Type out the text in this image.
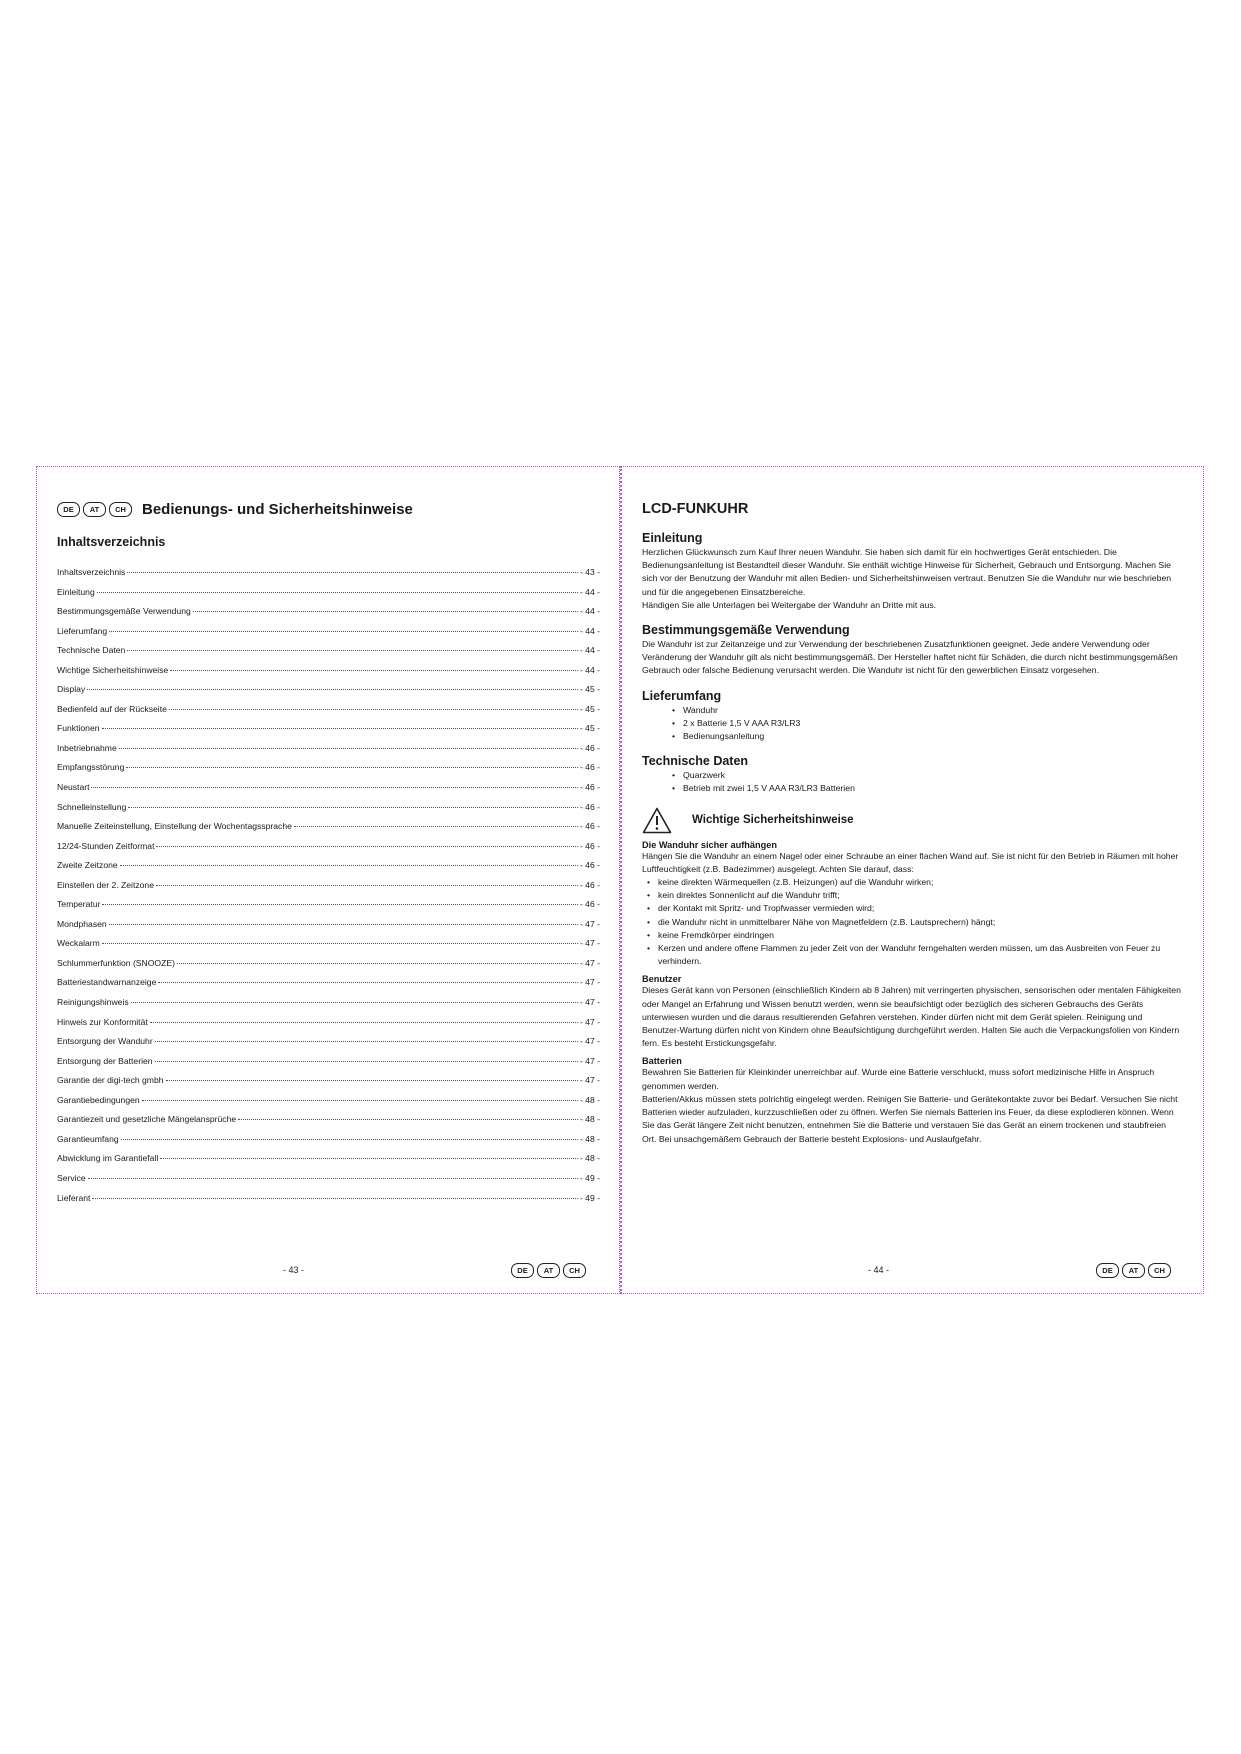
DE	AT	CH	Bedienungs- und Sicherheitshinweise
Inhaltsverzeichnis
Inhaltsverzeichnis	- 43 -
Einleitung	- 44 -
Bestimmungsgemäße Verwendung	- 44 -
Lieferumfang	- 44 -
Technische Daten	- 44 -
Wichtige Sicherheitshinweise	- 44 -
Display	- 45 -
Bedienfeld auf der Rückseite	- 45 -
Funktionen	- 45 -
Inbetriebnahme	- 46 -
Empfangsstörung	- 46 -
Neustart	- 46 -
Schnelleinstellung	- 46 -
Manuelle Zeiteinstellung, Einstellung der Wochentagssprache	- 46 -
12/24-Stunden Zeitformat	- 46 -
Zweite Zeitzone	- 46 -
Einstellen der 2. Zeitzone	- 46 -
Temperatur	- 46 -
Mondphasen	- 47 -
Weckalarm	- 47 -
Schlummerfunktion (SNOOZE)	- 47 -
Batteriestandwarnanzeige	- 47 -
Reinigungshinweis	- 47 -
Hinweis zur Konformität	- 47 -
Entsorgung der Wanduhr	- 47 -
Entsorgung der Batterien	- 47 -
Garantie der digi-tech gmbh	- 47 -
Garantiebedingungen	- 48 -
Garantiezeit und gesetzliche Mängelansprüche	- 48 -
Garantieumfang	- 48 -
Abwicklung im Garantiefall	- 48 -
Service	- 49 -
Lieferant	- 49 -
- 43 -	DE	AT	CH
LCD-FUNKUHR
Einleitung

Herzlichen Glückwunsch zum Kauf Ihrer neuen Wanduhr. Sie haben sich damit für ein hochwertiges Gerät entschieden. Die Bedienungsanleitung ist Bestandteil dieser Wanduhr. Sie enthält wichtige Hinweise für Sicherheit, Gebrauch und Entsorgung. Machen Sie sich vor der Benutzung der Wanduhr mit allen Bedien- und Sicherheitshinweisen vertraut. Benutzen Sie die Wanduhr nur wie beschrieben und für die angegebenen Einsatzbereiche.

Händigen Sie alle Unterlagen bei Weitergabe der Wanduhr an Dritte mit aus.

Bestimmungsgemäße Verwendung

Die Wanduhr ist zur Zeitanzeige und zur Verwendung der beschriebenen Zusatzfunktionen geeignet. Jede andere Verwendung oder Veränderung der Wanduhr gilt als nicht bestimmungsgemäß. Der Hersteller haftet nicht für Schäden, die durch nicht bestimmungsgemäßen Gebrauch oder falsche Bedienung verursacht werden. Die Wanduhr ist nicht für den gewerblichen Einsatz vorgesehen.

Lieferumfang
• Wanduhr
• 2 x Batterie 1,5 V AAA R3/LR3
• Bedienungsanleitung
Technische Daten
• Quarzwerk
• Betrieb mit zwei 1,5 V AAA R3/LR3 Batterien
Wichtige Sicherheitshinweise
Die Wanduhr sicher aufhängen

Hängen Sie die Wanduhr an einem Nagel oder einer Schraube an einer flachen Wand auf. Sie ist nicht für den Betrieb in Räumen mit hoher Luftfeuchtigkeit (z.B. Badezimmer) ausgelegt. Achten Sie darauf, dass:

• keine direkten Wärmequellen (z.B. Heizungen) auf die Wanduhr wirken;
• kein direktes Sonnenlicht auf die Wanduhr trifft;
• der Kontakt mit Spritz- und Tropfwasser vermieden wird;
• die Wanduhr nicht in unmittelbarer Nähe von Magnetfeldern (z.B. Lautsprechern) hängt;
• keine Fremdkörper eindringen
• Kerzen und andere offene Flammen zu jeder Zeit von der Wanduhr ferngehalten werden müssen, um das Ausbreiten von Feuer zu verhindern.
Benutzer

Dieses Gerät kann von Personen (einschließlich Kindern ab 8 Jahren) mit verringerten physischen, sensorischen oder mentalen Fähigkeiten oder Mangel an Erfahrung und Wissen benutzt werden, wenn sie beaufsichtigt oder bezüglich des sicheren Gebrauchs des Geräts unterwiesen wurden und die daraus resultierenden Gefahren verstehen. Kinder dürfen nicht mit dem Gerät spielen. Reinigung und Benutzer-Wartung dürfen nicht von Kindern ohne Beaufsichtigung durchgeführt werden. Halten Sie auch die Verpackungsfolien von Kindern fern. Es besteht Erstickungsgefahr.

Batterien

Bewahren Sie Batterien für Kleinkinder unerreichbar auf. Wurde eine Batterie verschluckt, muss sofort medizinische Hilfe in Anspruch genommen werden.

Batterien/Akkus müssen stets polrichtig eingelegt werden. Reinigen Sie Batterie- und Gerätekontakte zuvor bei Bedarf. Versuchen Sie nicht Batterien wieder aufzuladen, kurzzuschließen oder zu öffnen. Werfen Sie niemals Batterien ins Feuer, da diese explodieren können. Wenn Sie das Gerät längere Zeit nicht benutzen, entnehmen Sie die Batterie und verstauen Sie das Gerät an einem trockenen und staubfreien Ort. Bei unsachgemäßem Gebrauch der Batterie besteht Explosions- und Auslaufgefahr.

- 44 -	DE	AT	CH
